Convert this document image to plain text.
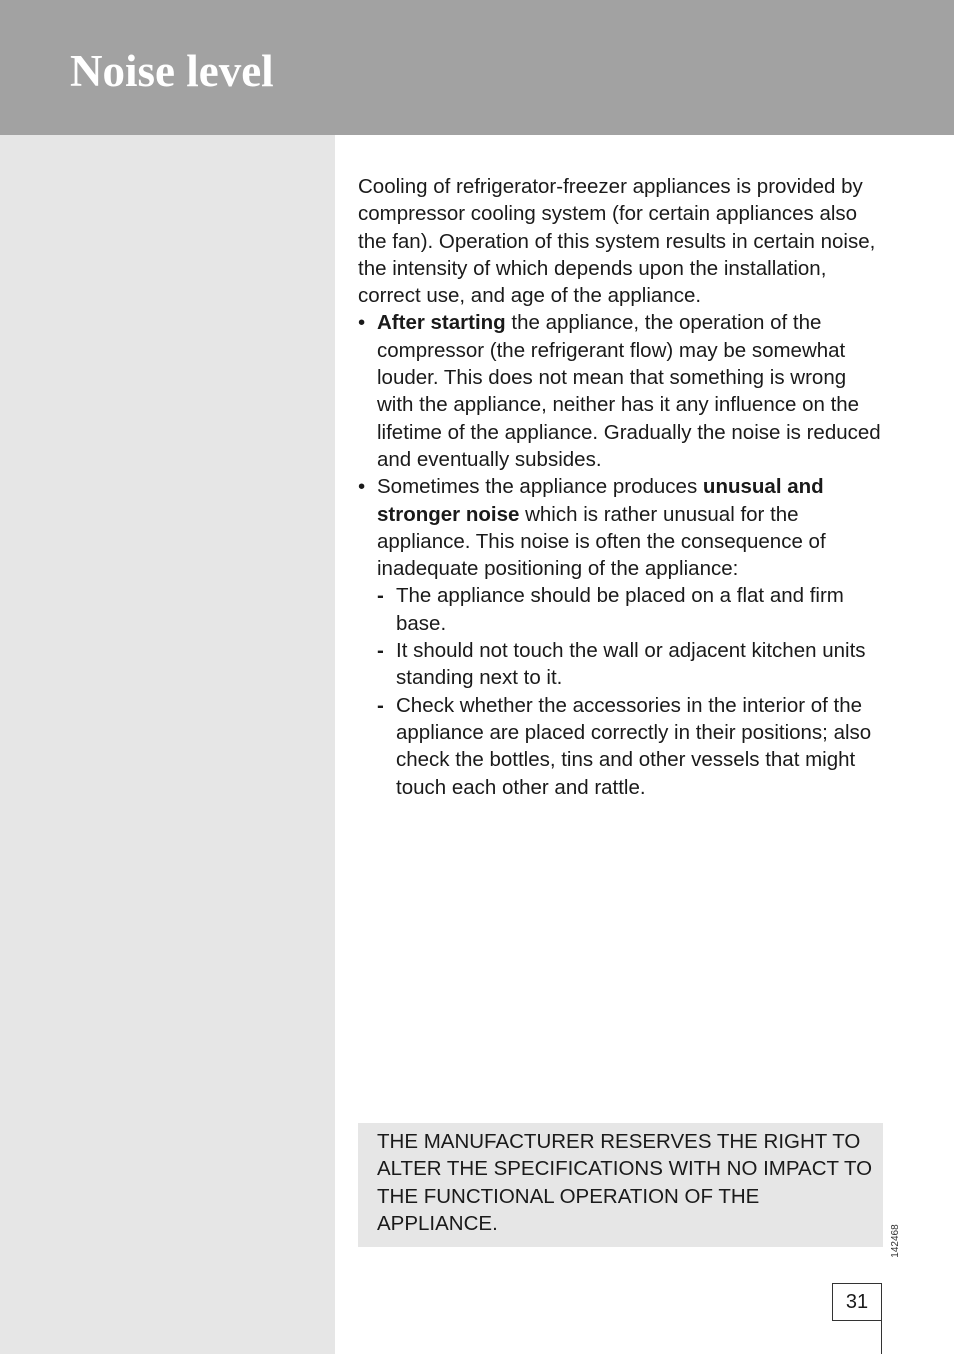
Noise level

Cooling of refrigerator-freezer appliances is provided by compressor cooling system (for certain appliances also the fan). Operation of this system results in certain noise, the intensity of which depends upon the installation, correct use, and age of the appliance.

• After starting the appliance, the operation of the compressor (the refrigerant flow) may be somewhat louder. This does not mean that something is wrong with the appliance, neither has it any influence on the lifetime of the appliance. Gradually the noise is reduced and eventually subsides.

• Sometimes the appliance produces unusual and stronger noise which is rather unusual for the appliance. This noise is often the consequence of inadequate positioning of the appliance:

- The appliance should be placed on a flat and firm base.

- It should not touch the wall or adjacent kitchen units standing next to it.

- Check whether the accessories in the interior of the appliance are placed correctly in their positions; also check the bottles, tins and other vessels that might touch each other and rattle.

THE MANUFACTURER RESERVES THE RIGHT TO ALTER THE SPECIFICATIONS WITH NO IMPACT TO THE FUNCTIONAL OPERATION OF THE APPLIANCE.
142468
31
